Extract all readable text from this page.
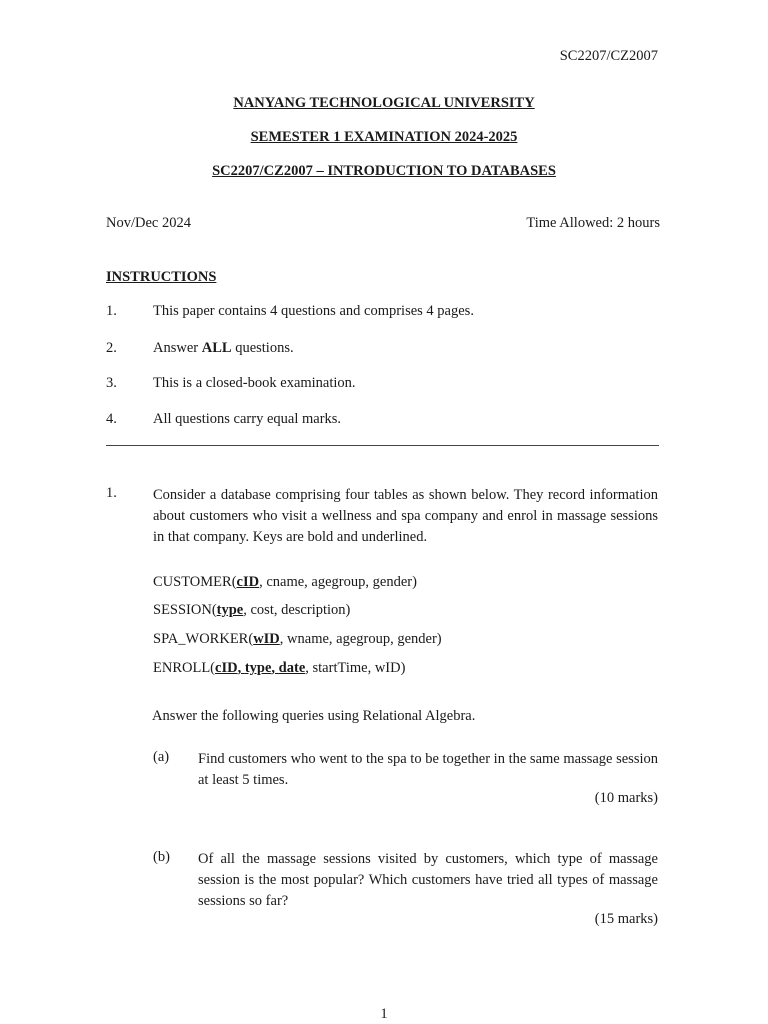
SC2207/CZ2007
NANYANG TECHNOLOGICAL UNIVERSITY
SEMESTER 1 EXAMINATION 2024-2025
SC2207/CZ2007 – INTRODUCTION TO DATABASES
Nov/Dec 2024	Time Allowed: 2 hours
INSTRUCTIONS
1. This paper contains 4 questions and comprises 4 pages.
2. Answer ALL questions.
3. This is a closed-book examination.
4. All questions carry equal marks.
1. Consider a database comprising four tables as shown below. They record information about customers who visit a wellness and spa company and enrol in massage sessions in that company. Keys are bold and underlined.
CUSTOMER(cID, cname, agegroup, gender)
SESSION(type, cost, description)
SPA_WORKER(wID, wname, agegroup, gender)
ENROLL(cID, type, date, startTime, wID)
Answer the following queries using Relational Algebra.
(a) Find customers who went to the spa to be together in the same massage session at least 5 times.
(10 marks)
(b) Of all the massage sessions visited by customers, which type of massage session is the most popular? Which customers have tried all types of massage sessions so far?
(15 marks)
1
